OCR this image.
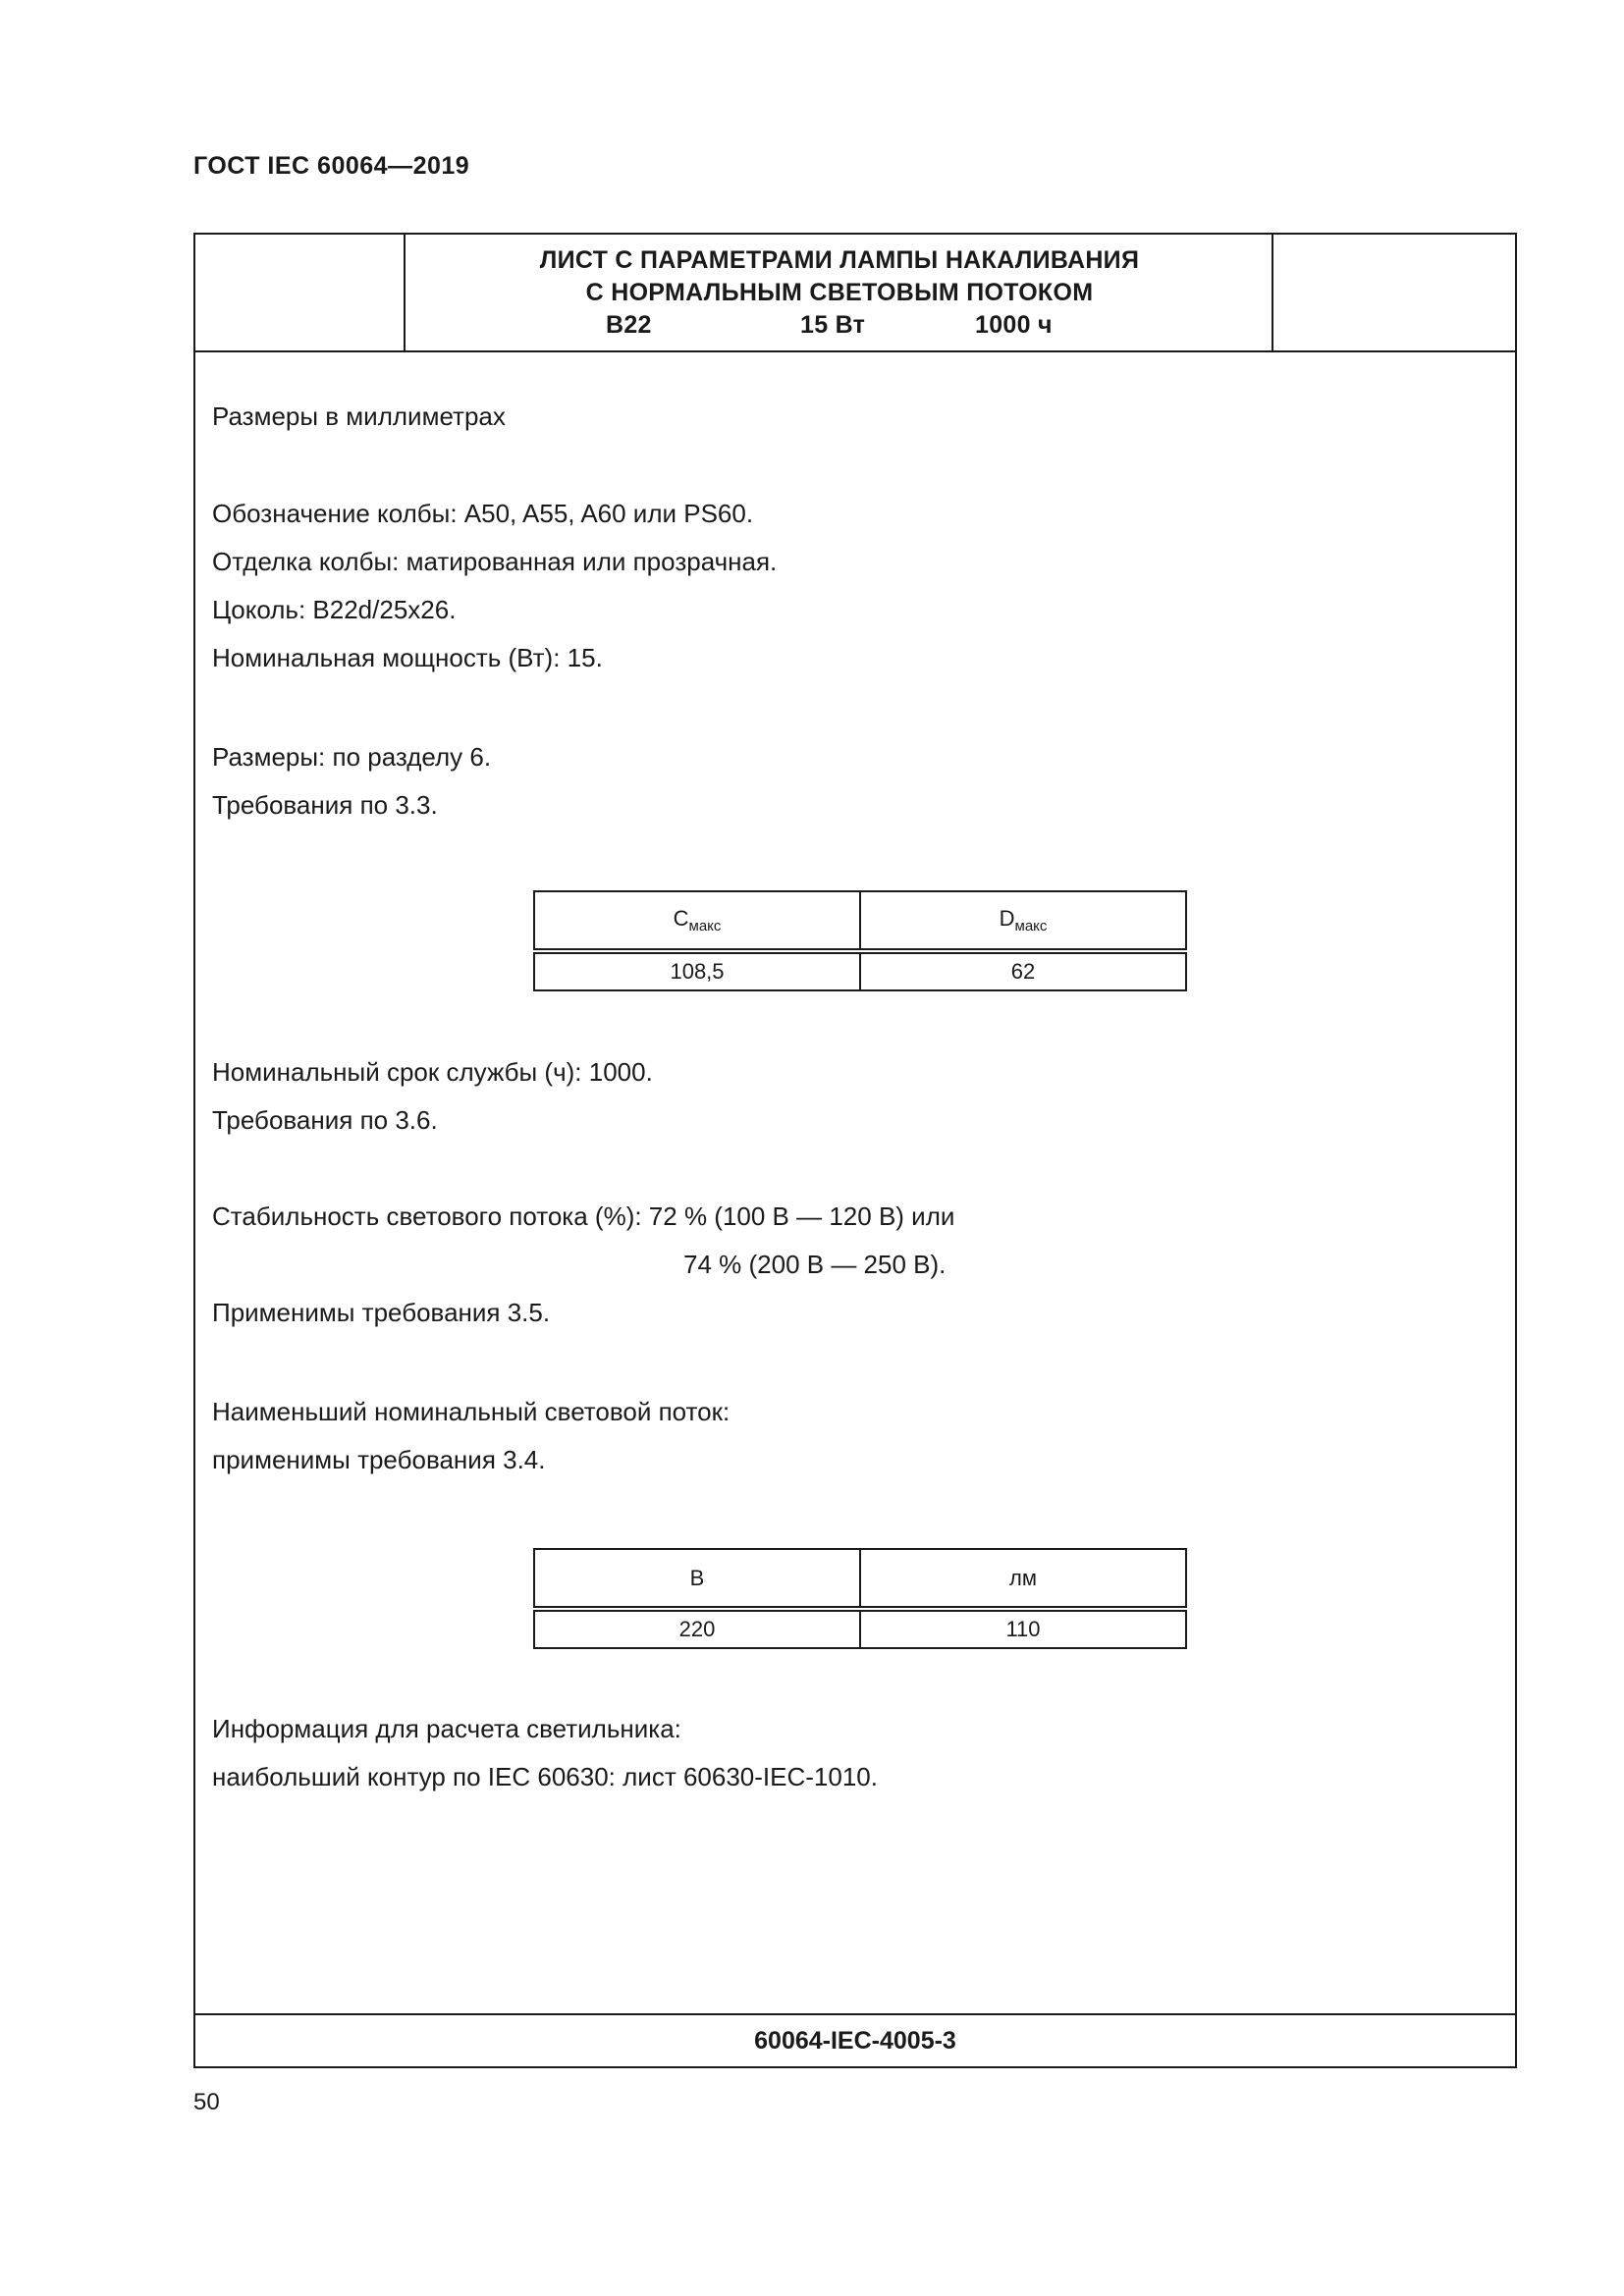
ГОСТ IEC 60064—2019
ЛИСТ С ПАРАМЕТРАМИ ЛАМПЫ НАКАЛИВАНИЯ
С НОРМАЛЬНЫМ СВЕТОВЫМ ПОТОКОМ
B22	15 Вт	1000 ч
Размеры в миллиметрах
Обозначение колбы: A50, A55, A60 или PS60.
Отделка колбы: матированная или прозрачная.
Цоколь: B22d/25x26.
Номинальная мощность (Вт): 15.
Размеры: по разделу 6.
Требования по 3.3.
$C_{макс}$	$D_{макс}$
108,5	62
Номинальный срок службы (ч): 1000.
Требования по 3.6.
Стабильность светового потока (%): 72 % (100 В — 120 В) или
74 % (200 В — 250 В).
Применимы требования 3.5.
Наименьший номинальный световой поток:
применимы требования 3.4.
В	лм
220	110
Информация для расчета светильника:
наибольший контур по IEC 60630: лист 60630-IEC-1010.
60064-IEC-4005-3
50
